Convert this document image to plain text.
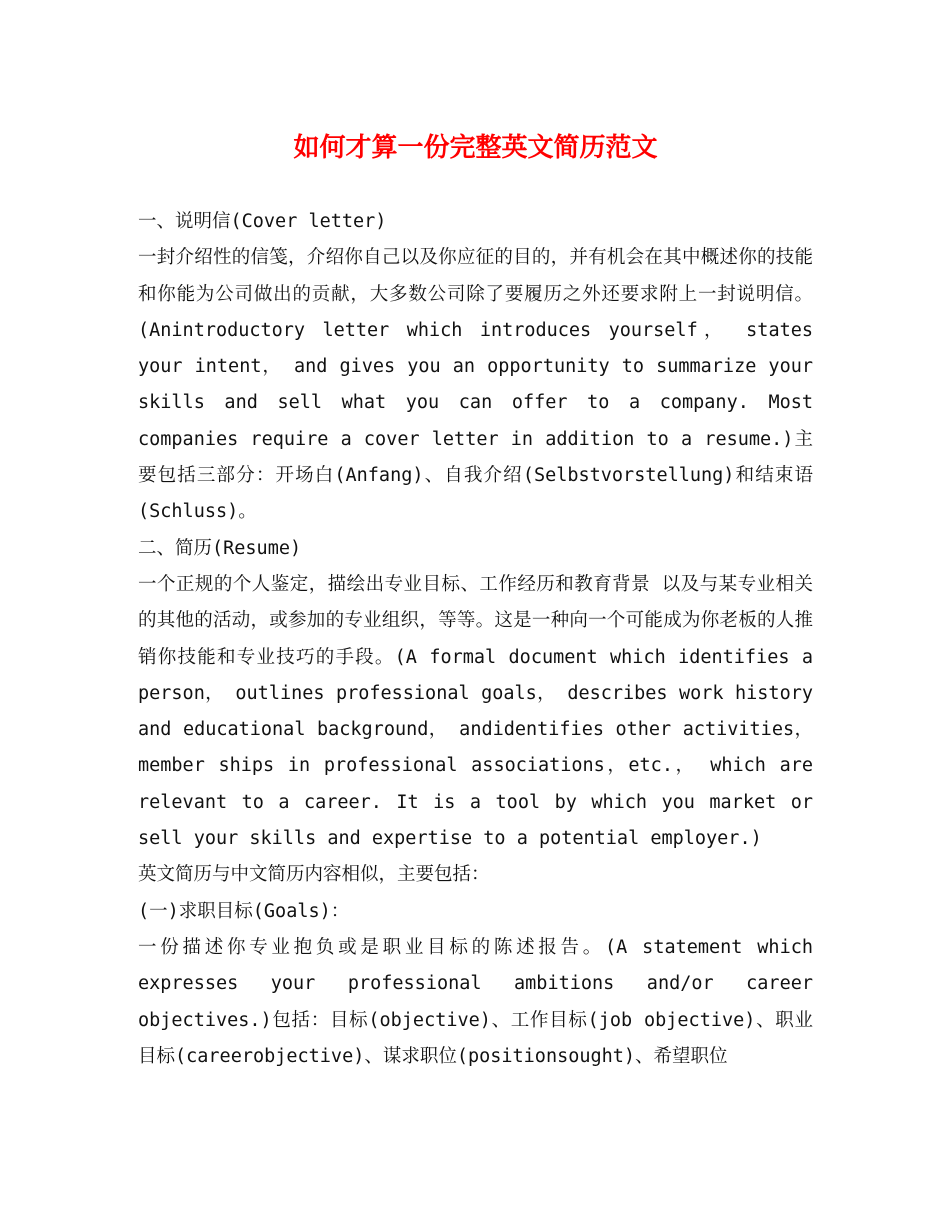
如何才算一份完整英文简历范文

一、说明信(Cover letter)

一封介绍性的信笺，介绍你自己以及你应征的目的，并有机会在其中概述你的技能和你能为公司做出的贡献，大多数公司除了要履历之外还要求附上一封说明信。(Anintroductory letter which introduces yourself， states your intent， and gives you an opportunity to summarize your skills and sell what you can offer to a company. Most companies require a cover letter in addition to a resume.)主要包括三部分：开场白(Anfang)、自我介绍(Selbstvorstellung)和结束语(Schluss)。

二、简历(Resume)

一个正规的个人鉴定，描绘出专业目标、工作经历和教育背景 以及与某专业相关的其他的活动，或参加的专业组织，等等。这是一种向一个可能成为你老板的人推销你技能和专业技巧的手段。(A formal document which identifies a person， outlines professional goals， describes work history and educational background， andidentifies other activities， member ships in professional associations，etc.， which are relevant to a career. It is a tool by which you market or sell your skills and expertise to a potential employer.)

英文简历与中文简历内容相似，主要包括：

(一)求职目标(Goals)：

一份描述你专业抱负或是职业目标的陈述报告。(A statement which expresses your professional ambitions and/or career objectives.)包括：目标(objective)、工作目标(job objective)、职业目标(careerobjective)、谋求职位(positionsought)、希望职位
